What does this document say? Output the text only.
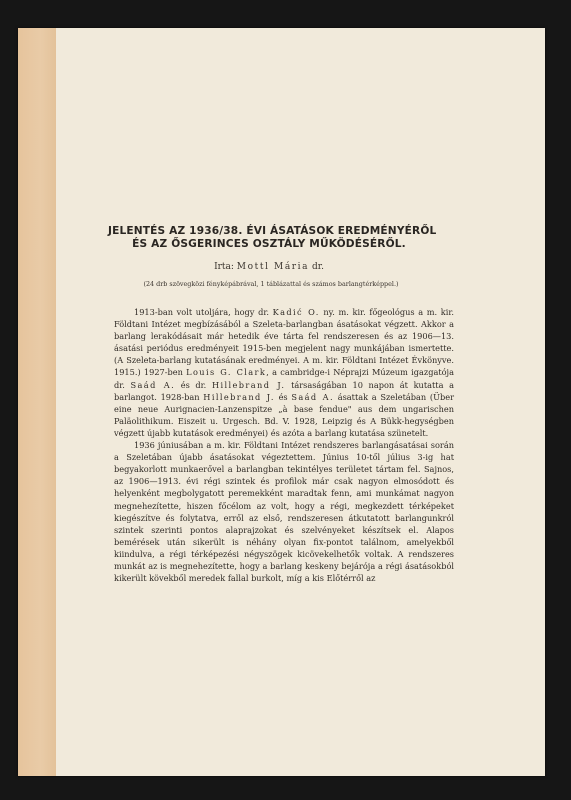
JELENTÉS AZ 1936/38. ÉVI ÁSATÁSOK EREDMÉNYÉRŐL
ÉS AZ ŐSGERINCES OSZTÁLY MŰKÖDÉSÉRŐL.
Irta: Mottl Mária dr.
(24 drb szövegközi fényképábrával, 1 táblázattal és számos barlangtérképpel.)

1913-ban volt utoljára, hogy dr. Kadić O. ny. m. kir. főgeológus a m. kir. Földtani Intézet megbízásából a Szeleta-barlangban ásatásokat végzett. Akkor a barlang lerakódásait már hetedik éve tárta fel rendszeresen és az 1906—13. ásatási periódus eredményeit 1915-ben megjelent nagy munkájában ismertette. (A Szeleta-barlang kutatásának eredményei. A m. kir. Földtani Intézet Évkönyve. 1915.) 1927-ben Louis G. Clark, a cambridge-i Néprajzi Múzeum igazgatója dr. Saád A. és dr. Hillebrand J. társaságában 10 napon át kutatta a barlangot. 1928-ban Hillebrand J. és Saád A. ásattak a Szeletában (Über eine neue Aurignacien-Lanzenspitze „à base fendue" aus dem ungarischen Paläolithikum. Eiszeit u. Urgesch. Bd. V. 1928, Leipzig és A Bükk-hegységben végzett újabb kutatások eredményei) és azóta a barlang kutatása szünetelt.

1936 júniusában a m. kir. Földtani Intézet rendszeres barlangásatásai során a Szeletában újabb ásatásokat végeztettem. Június 10-től július 3-ig hat begyakorlott munkaerővel a barlangban tekintélyes területet tártam fel. Sajnos, az 1906—1913. évi régi szintek és profilok már csak nagyon elmosódott és helyenként megbolygatott peremekként maradtak fenn, ami munkámat nagyon megnehezítette, hiszen főcélom az volt, hogy a régi, megkezdett térképeket kiegészítve és folytatva, erről az első, rendszeresen átkutatott barlangunkról szintek szerinti pontos alaprajzokat és szelvényeket készítsek el. Alapos bemérések után sikerült is néhány olyan fix-pontot találnom, amelyekből kiindulva, a régi térképezési négyszögek kicövekelhetők voltak. A rendszeres munkát az is megnehezítette, hogy a barlang keskeny bejárója a régi ásatásokból kikerült kövekből meredek fallal burkolt, míg a kis Előtérről az
